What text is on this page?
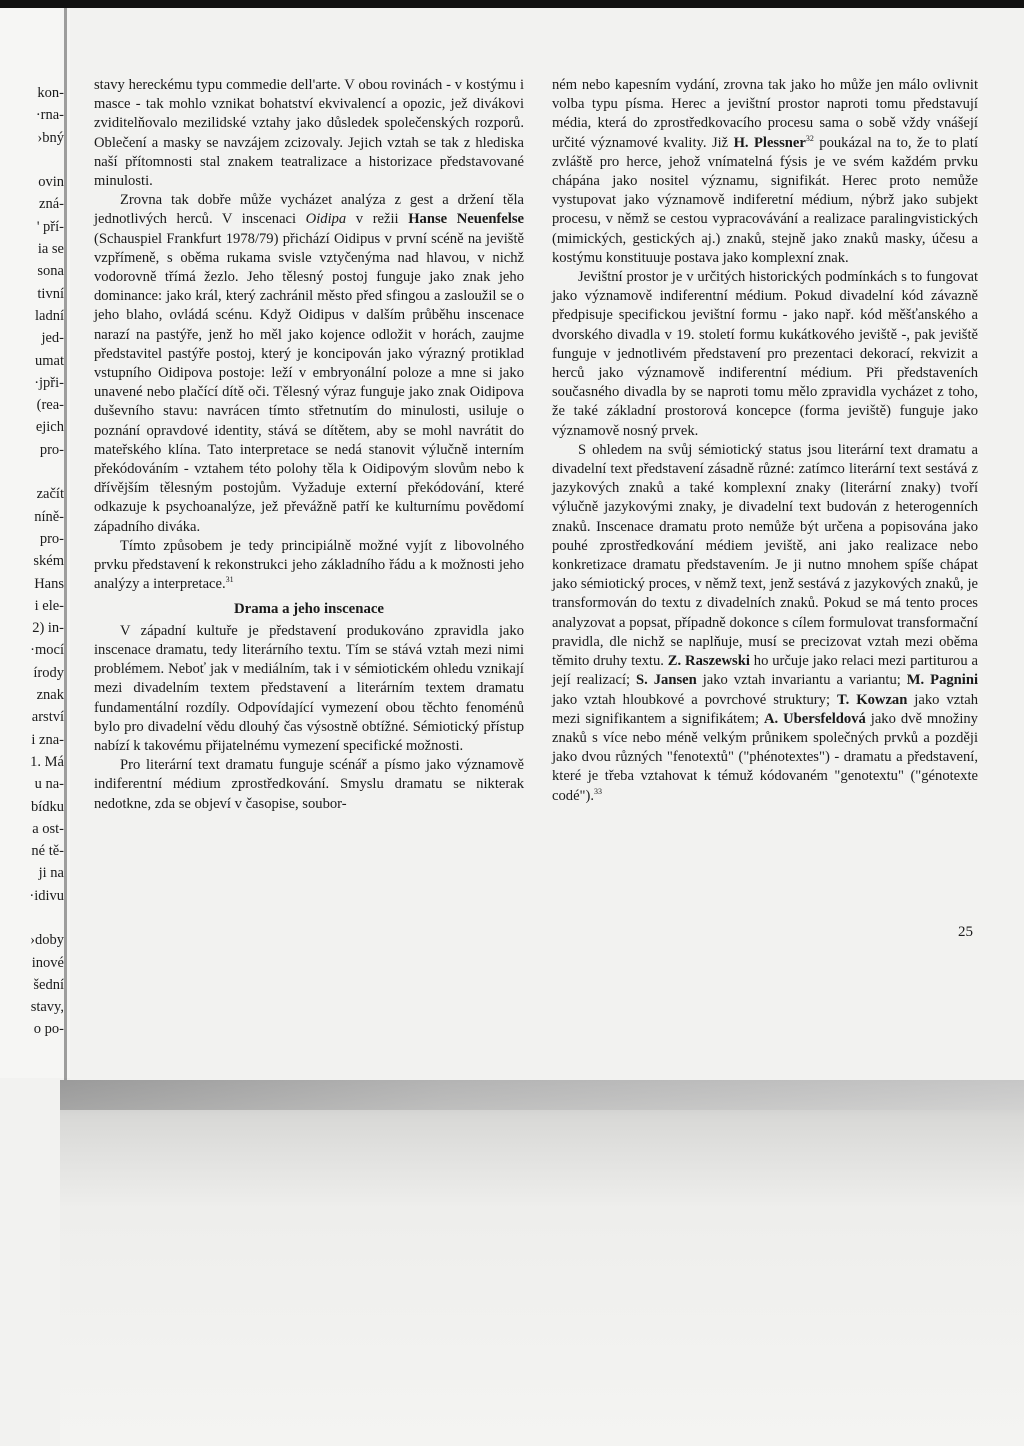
kon-
·rna-
›bný
ovin
zná-
' pří-
ia se
sona
tivní
ladní
jed-
umat
·jpři-
(rea-
ejich
pro-
začít
níně-
pro-
ském
Hans
i ele-
2) in-
·mocí
írody
znak
arství
i zna-
1. Má
u na-
bídku
a ost-
né tě-
ji na
·idivu
›doby
inové
šední
stavy,
o po-

stavy hereckému typu commedie dell'arte. V obou rovinách - v kostýmu i masce - tak mohlo vznikat bohatství ekvivalencí a opozic, jež divákovi zviditelňovalo mezilidské vztahy jako důsledek společenských rozporů. Oblečení a masky se navzájem zcizovaly. Jejich vztah se tak z hlediska naší přítomnosti stal znakem teatralizace a historizace představované minulosti.

Zrovna tak dobře může vycházet analýza z gest a držení těla jednotlivých herců. V inscenaci Oidipa v režii Hanse Neuenfelse (Schauspiel Frankfurt 1978/79) přichází Oidipus v první scéně na jeviště vzpřímeně, s oběma rukama svisle vztyčenýma nad hlavou, v nichž vodorovně třímá žezlo. Jeho tělesný postoj funguje jako znak jeho dominance: jako král, který zachránil město před sfingou a zasloužil se o jeho blaho, ovládá scénu. Když Oidipus v dalším průběhu inscenace narazí na pastýře, jenž ho měl jako kojence odložit v horách, zaujme představitel pastýře postoj, který je koncipován jako výrazný protiklad vstupního Oidipova postoje: leží v embryonální poloze a mne si jako unavené nebo plačící dítě oči. Tělesný výraz funguje jako znak Oidipova duševního stavu: navrácen tímto střetnutím do minulosti, usiluje o poznání opravdové identity, stává se dítětem, aby se mohl navrátit do mateřského klína. Tato interpretace se nedá stanovit výlučně interním překódováním - vztahem této polohy těla k Oidipovým slovům nebo k dřívějším tělesným postojům. Vyžaduje externí překódování, které odkazuje k psychoanalýze, jež převážně patří ke kulturnímu povědomí západního diváka.

Tímto způsobem je tedy principiálně možné vyjít z libovolného prvku představení k rekonstrukci jeho základního řádu a k možnosti jeho analýzy a interpretace.$^{31}$

Drama a jeho inscenace

V západní kultuře je představení produkováno zpravidla jako inscenace dramatu, tedy literárního textu. Tím se stává vztah mezi nimi problémem. Neboť jak v mediálním, tak i v sémiotickém ohledu vznikají mezi divadelním textem představení a literárním textem dramatu fundamentální rozdíly. Odpovídající vymezení obou těchto fenoménů bylo pro divadelní vědu dlouhý čas výsostně obtížné. Sémiotický přístup nabízí k takovému přijatelnému vymezení specifické možnosti.

Pro literární text dramatu funguje scénář a písmo jako významově indiferentní médium zprostředkování. Smyslu dramatu se nikterak nedotkne, zda se objeví v časopise, soubor-

ném nebo kapesním vydání, zrovna tak jako ho může jen málo ovlivnit volba typu písma. Herec a jevištní prostor naproti tomu představují média, která do zprostředkovacího procesu sama o sobě vždy vnášejí určité významové kvality. Již H. Plessner$^{32}$ poukázal na to, že to platí zvláště pro herce, jehož vnímatelná fýsis je ve svém každém prvku chápána jako nositel významu, signifikát. Herec proto nemůže vystupovat jako významově indiferetní médium, nýbrž jako subjekt procesu, v němž se cestou vypracovávání a realizace paralingvistických (mimických, gestických aj.) znaků, stejně jako znaků masky, účesu a kostýmu konstituuje postava jako komplexní znak.

Jevištní prostor je v určitých historických podmínkách s to fungovat jako významově indiferentní médium. Pokud divadelní kód závazně předpisuje specifickou jevištní formu - jako např. kód měšťanského a dvorského divadla v 19. století formu kukátkového jeviště -, pak jeviště funguje v jednotlivém představení pro prezentaci dekorací, rekvizit a herců jako významově indiferentní médium. Při představeních současného divadla by se naproti tomu mělo zpravidla vycházet z toho, že také základní prostorová koncepce (forma jeviště) funguje jako významově nosný prvek.

S ohledem na svůj sémiotický status jsou literární text dramatu a divadelní text představení zásadně různé: zatímco literární text sestává z jazykových znaků a také komplexní znaky (literární znaky) tvoří výlučně jazykovými znaky, je divadelní text budován z heterogenních znaků. Inscenace dramatu proto nemůže být určena a popisována jako pouhé zprostředkování médiem jeviště, ani jako realizace nebo konkretizace dramatu představením. Je ji nutno mnohem spíše chápat jako sémiotický proces, v němž text, jenž sestává z jazykových znaků, je transformován do textu z divadelních znaků. Pokud se má tento proces analyzovat a popsat, případně dokonce s cílem formulovat transformační pravidla, dle nichž se naplňuje, musí se precizovat vztah mezi oběma těmito druhy textu. Z. Raszewski ho určuje jako relaci mezi partiturou a její realizací; S. Jansen jako vztah invariantu a variantu; M. Pagnini jako vztah hloubkové a povrchové struktury; T. Kowzan jako vztah mezi signifikantem a signifikátem; A. Ubersfeldová jako dvě množiny znaků s více nebo méně velkým průnikem společných prvků a později jako dvou různých "fenotextů" ("phénotextes") - dramatu a představení, které je třeba vztahovat k témuž kódovaném "genotextu" ("génotexte codé").$^{33}$

25
